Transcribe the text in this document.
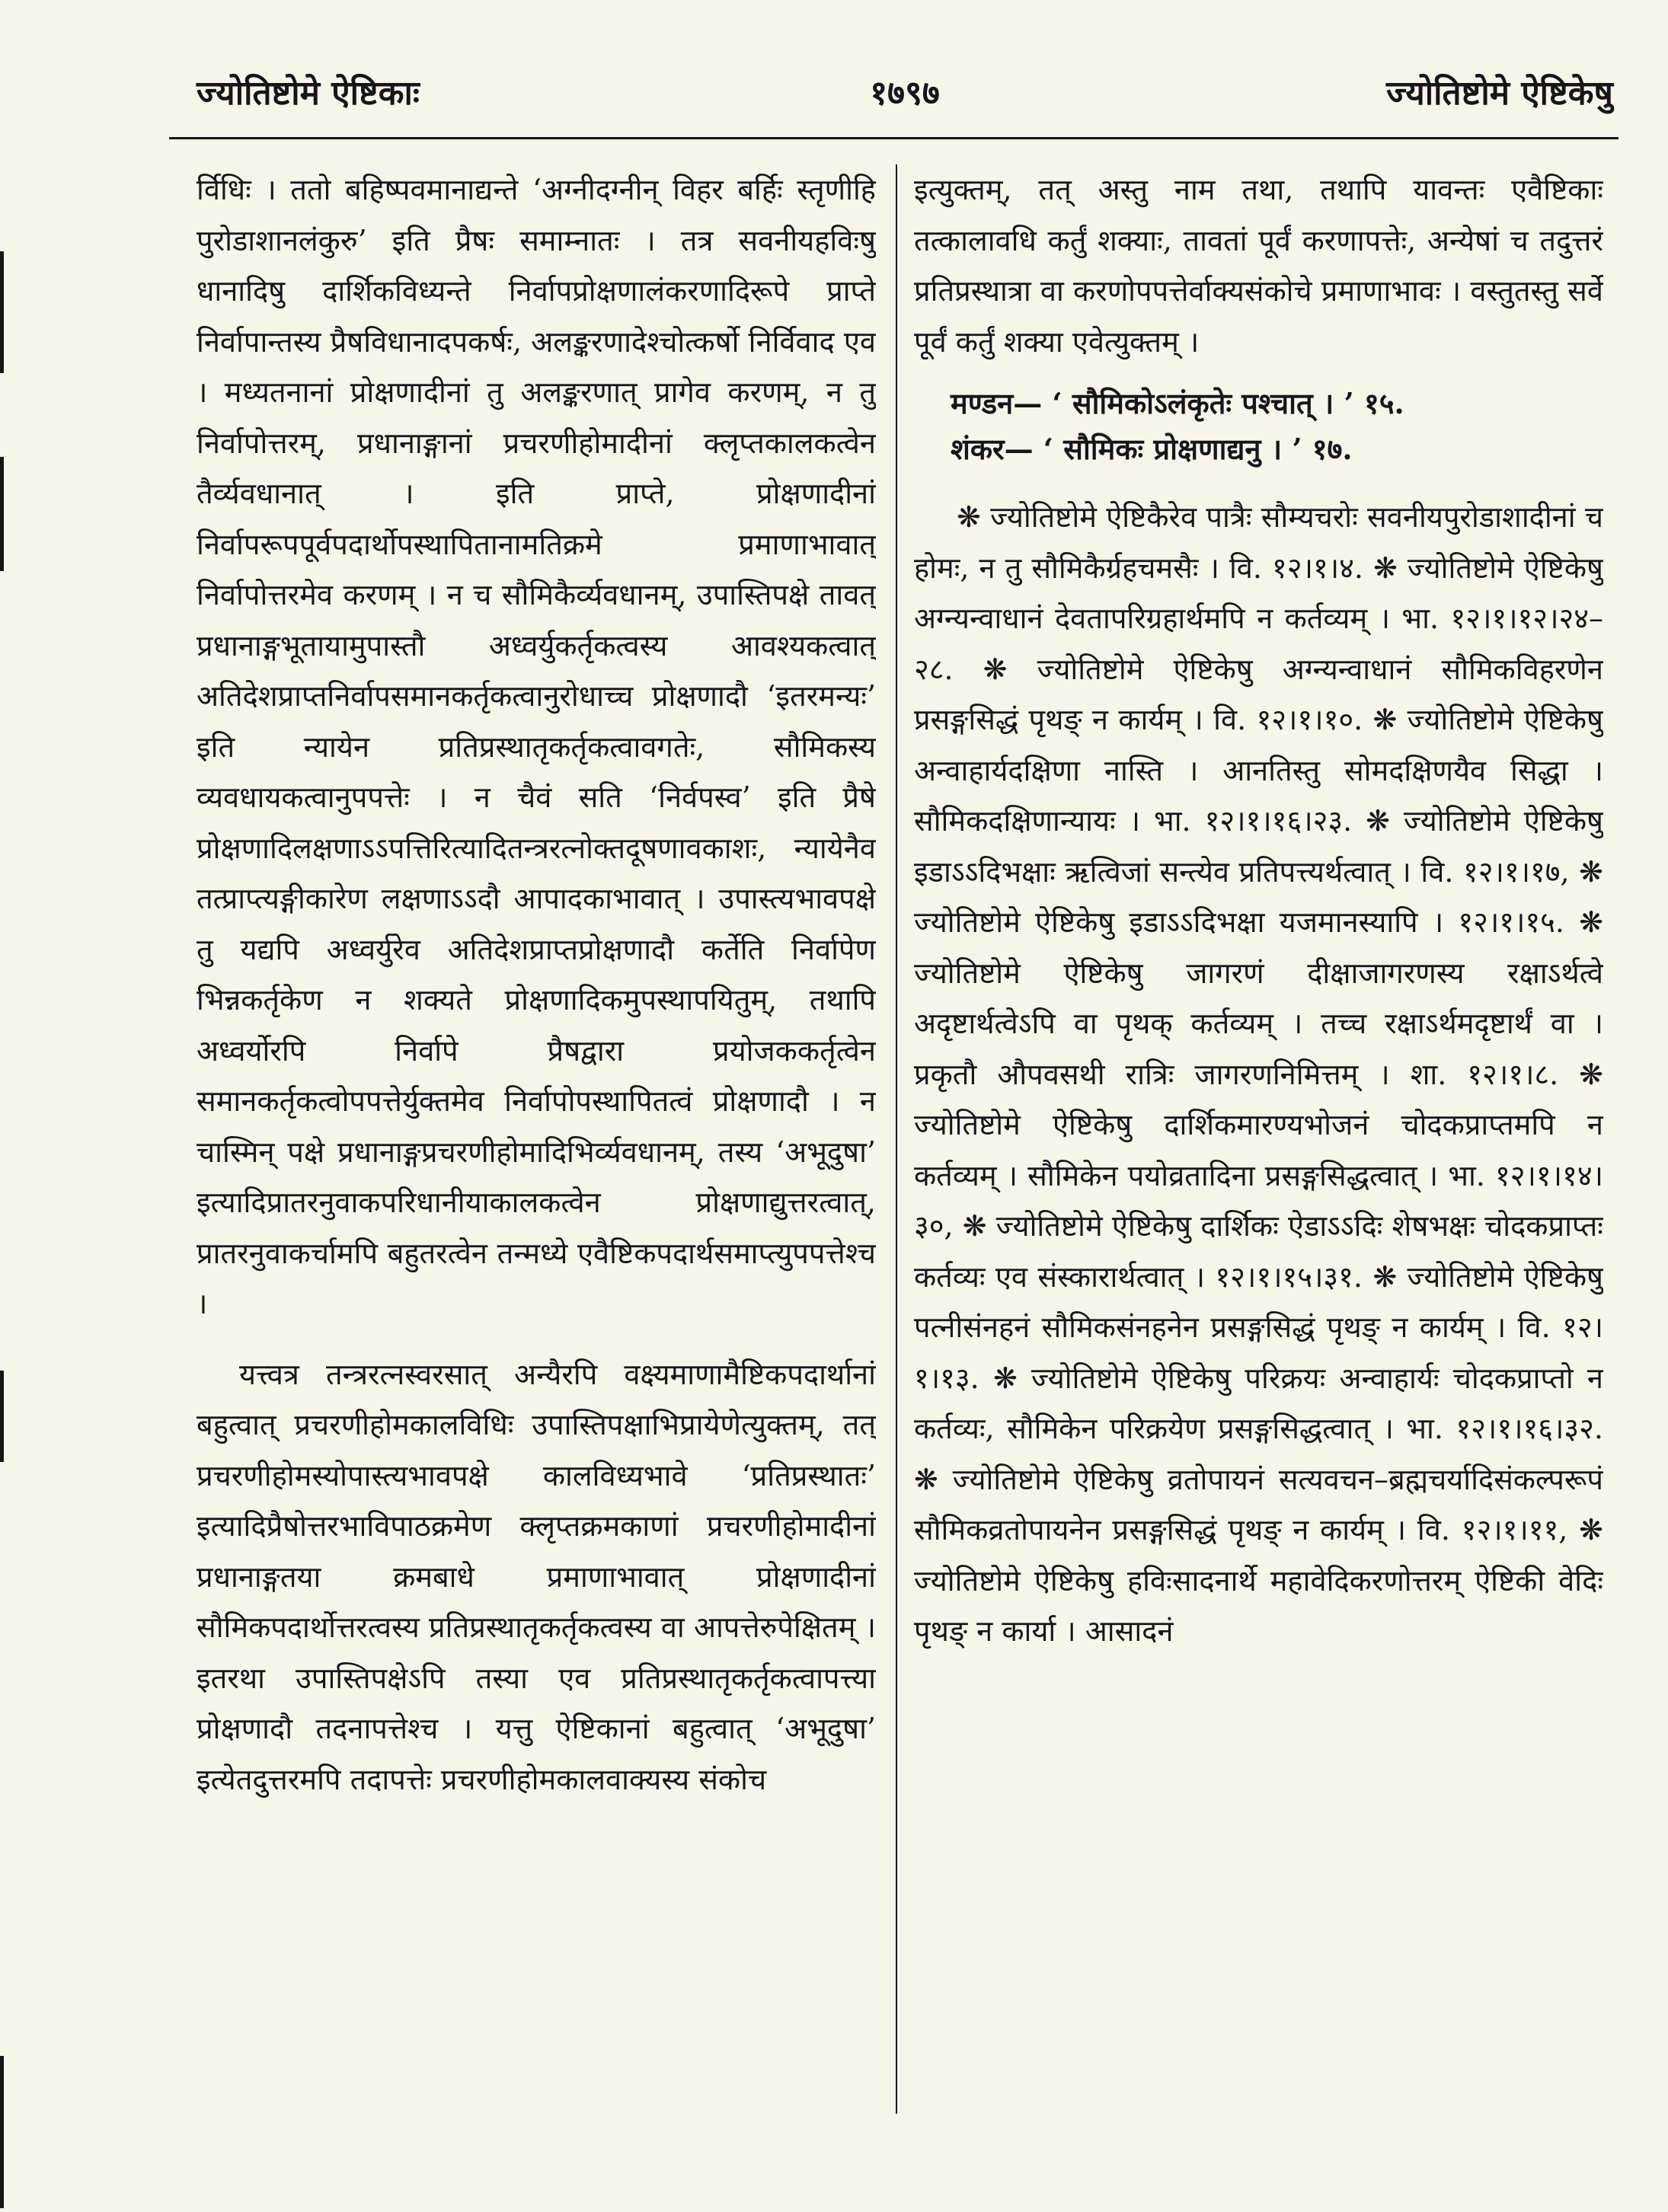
१७९७
ज्योतिष्टोमे ऐष्टिकाः	ज्योतिष्टोमे ऐष्टिकेषु

र्विधिः । ततो बहिष्पवमानाद्यन्ते ‘अग्नीदग्नीन् विहर बर्हिः स्तृणीहि पुरोडाशानलंकुरु’ इति प्रैषः समाम्नातः । तत्र सवनीयहविःषु धानादिषु दार्शिकविध्यन्ते निर्वापप्रोक्षणालंकरणादिरूपे प्राप्ते निर्वापान्तस्य प्रैषविधानादपकर्षः, अलङ्करणादेश्चोत्कर्षो निर्विवाद एव । मध्यतनानां प्रोक्षणादीनां तु अलङ्करणात् प्रागेव करणम्, न तु निर्वापोत्तरम्, प्रधानाङ्गानां प्रचरणीहोमादीनां क्लृप्तकालकत्वेन तैर्व्यवधानात् । इति प्राप्ते, प्रोक्षणादीनां निर्वापरूपपूर्वपदार्थोपस्थापितानामतिक्रमे प्रमाणाभावात् निर्वापोत्तरमेव करणम् । न च सौमिकैर्व्यवधानम्, उपास्तिपक्षे तावत् प्रधानाङ्गभूतायामुपास्तौ अध्वर्युकर्तृकत्वस्य आवश्यकत्वात् अतिदेशप्राप्तनिर्वापसमानकर्तृकत्वानुरोधाच्च प्रोक्षणादौ ‘इतरमन्यः’ इति न्यायेन प्रतिप्रस्थातृकर्तृकत्वावगतेः, सौमिकस्य व्यवधायकत्वानुपपत्तेः । न चैवं सति ‘निर्वपस्व’ इति प्रैषे प्रोक्षणादिलक्षणाऽऽपत्तिरित्यादितन्त्ररत्नोक्तदूषणावकाशः, न्यायेनैव तत्प्राप्त्यङ्गीकारेण लक्षणाऽऽदौ आपादकाभावात् । उपास्त्यभावपक्षे तु यद्यपि अध्वर्युरेव अतिदेशप्राप्तप्रोक्षणादौ कर्तेति निर्वापेण भिन्नकर्तृकेण न शक्यते प्रोक्षणादिकमुपस्थापयितुम्, तथापि अध्वर्योरपि निर्वापे प्रैषद्वारा प्रयोजककर्तृत्वेन समानकर्तृकत्वोपपत्तेर्युक्तमेव निर्वापोपस्थापितत्वं प्रोक्षणादौ । न चास्मिन् पक्षे प्रधानाङ्गप्रचरणीहोमादिभिर्व्यवधानम्, तस्य ‘अभूदुषा’ इत्यादिप्रातरनुवाकपरिधानीयाकालकत्वेन प्रोक्षणाद्युत्तरत्वात्, प्रातरनुवाकर्चामपि बहुतरत्वेन तन्मध्ये एवैष्टिकपदार्थसमाप्त्युपपत्तेश्च ।

यत्त्वत्र तन्त्ररत्नस्वरसात् अन्यैरपि वक्ष्यमाणामैष्टिकपदार्थानां बहुत्वात् प्रचरणीहोमकालविधिः उपास्तिपक्षाभिप्रायेणेत्युक्तम्, तत् प्रचरणीहोमस्योपास्त्यभावपक्षे कालविध्यभावे ‘प्रतिप्रस्थातः’ इत्यादिप्रैषोत्तरभाविपाठक्रमेण क्लृप्तक्रमकाणां प्रचरणीहोमादीनां प्रधानाङ्गतया क्रमबाधे प्रमाणाभावात् प्रोक्षणादीनां सौमिकपदार्थोत्तरत्वस्य प्रतिप्रस्थातृकर्तृकत्वस्य वा आपत्तेरुपेक्षितम् । इतरथा उपास्तिपक्षेऽपि तस्या एव प्रतिप्रस्थातृकर्तृकत्वापत्त्या प्रोक्षणादौ तदनापत्तेश्च । यत्तु ऐष्टिकानां बहुत्वात् ‘अभूदुषा’ इत्येतदुत्तरमपि तदापत्तेः प्रचरणीहोमकालवाक्यस्य संकोच

इत्युक्तम्, तत् अस्तु नाम तथा, तथापि यावन्तः एवैष्टिकाः तत्कालावधि कर्तुं शक्याः, तावतां पूर्वं करणापत्तेः, अन्येषां च तदुत्तरं प्रतिप्रस्थात्रा वा करणोपपत्तेर्वाक्यसंकोचे प्रमाणाभावः । वस्तुतस्तु सर्वे पूर्वं कर्तुं शक्या एवेत्युक्तम् ।

मण्डन— ‘ सौमिकोऽलंकृतेः पश्चात् । ’ १५.
शंकर— ‘ सौमिकः प्रोक्षणाद्यनु । ’ १७.

❋ ज्योतिष्टोमे ऐष्टिकैरेव पात्रैः सौम्यचरोः सवनीयपुरोडाशादीनां च होमः, न तु सौमिकैर्ग्रहचमसैः । वि. १२।१।४. ❋ ज्योतिष्टोमे ऐष्टिकेषु अग्न्यन्वाधानं देवतापरिग्रहार्थमपि न कर्तव्यम् । भा. १२।१।१२।२४–२८. ❋ ज्योतिष्टोमे ऐष्टिकेषु अग्न्यन्वाधानं सौमिकविहरणेन प्रसङ्गसिद्धं पृथङ् न कार्यम् । वि. १२।१।१०. ❋ ज्योतिष्टोमे ऐष्टिकेषु अन्वाहार्यदक्षिणा नास्ति । आनतिस्तु सोमदक्षिणयैव सिद्धा । सौमिकदक्षिणान्यायः । भा. १२।१।१६।२३. ❋ ज्योतिष्टोमे ऐष्टिकेषु इडाऽऽदिभक्षाः ऋत्विजां सन्त्येव प्रतिपत्त्यर्थत्वात् । वि. १२।१।१७, ❋ ज्योतिष्टोमे ऐष्टिकेषु इडाऽऽदिभक्षा यजमानस्यापि । १२।१।१५. ❋ ज्योतिष्टोमे ऐष्टिकेषु जागरणं दीक्षाजागरणस्य रक्षाऽर्थत्वे अदृष्टार्थत्वेऽपि वा पृथक् कर्तव्यम् । तच्च रक्षाऽर्थमदृष्टार्थं वा । प्रकृतौ औपवसथी रात्रिः जागरणनिमित्तम् । शा. १२।१।८. ❋ ज्योतिष्टोमे ऐष्टिकेषु दार्शिकमारण्यभोजनं चोदकप्राप्तमपि न कर्तव्यम् । सौमिकेन पयोव्रतादिना प्रसङ्गसिद्धत्वात् । भा. १२।१।१४।३०, ❋ ज्योतिष्टोमे ऐष्टिकेषु दार्शिकः ऐडाऽऽदिः शेषभक्षः चोदकप्राप्तः कर्तव्यः एव संस्कारार्थत्वात् । १२।१।१५।३१. ❋ ज्योतिष्टोमे ऐष्टिकेषु पत्नीसंनहनं सौमिकसंनहनेन प्रसङ्गसिद्धं पृथङ् न कार्यम् । वि. १२।१।१३. ❋ ज्योतिष्टोमे ऐष्टिकेषु परिक्रयः अन्वाहार्यः चोदकप्राप्तो न कर्तव्यः, सौमिकेन परिक्रयेण प्रसङ्गसिद्धत्वात् । भा. १२।१।१६।३२. ❋ ज्योतिष्टोमे ऐष्टिकेषु व्रतोपायनं सत्यवचन–ब्रह्मचर्यादिसंकल्परूपं सौमिकव्रतोपायनेन प्रसङ्गसिद्धं पृथङ् न कार्यम् । वि. १२।१।११, ❋ ज्योतिष्टोमे ऐष्टिकेषु हविःसादनार्थे महावेदिकरणोत्तरम् ऐष्टिकी वेदिः पृथङ् न कार्या । आसादनं
